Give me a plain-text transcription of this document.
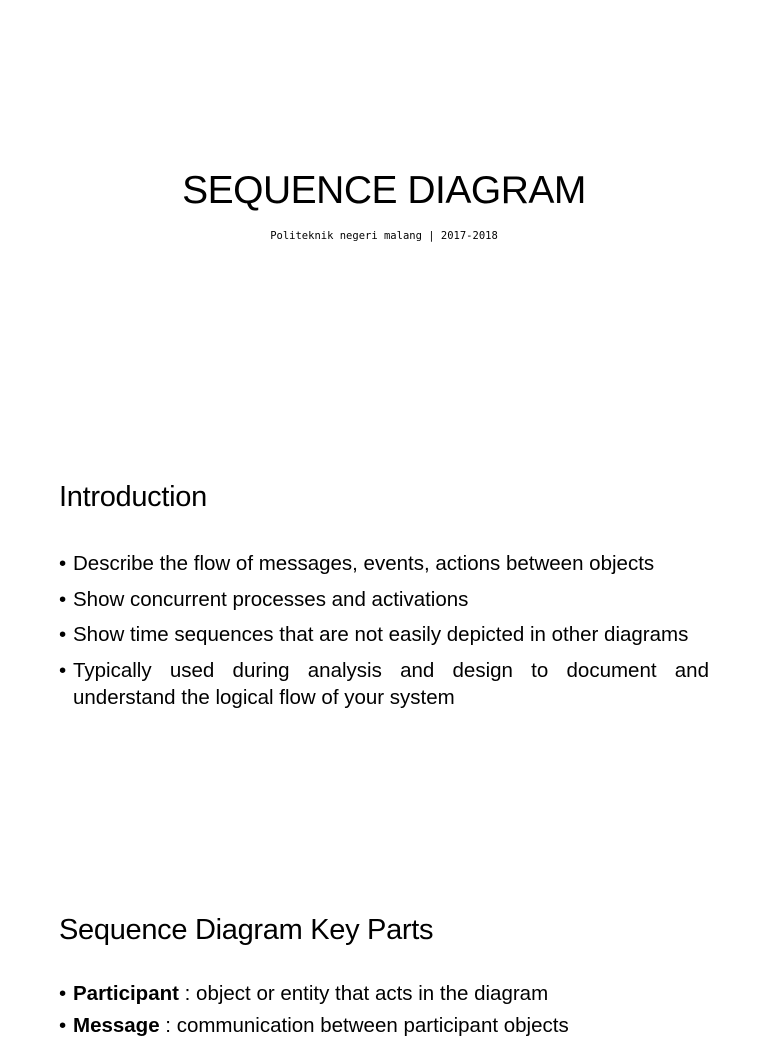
SEQUENCE DIAGRAM
Politeknik negeri malang | 2017-2018
Introduction
• Describe the flow of messages, events, actions between objects
• Show concurrent processes and activations
• Show time sequences that are not easily depicted in other diagrams
• Typically used during analysis and design to document and understand the logical flow of your system
Sequence Diagram Key Parts
• Participant : object or entity that acts in the diagram
• Message : communication between participant objects
